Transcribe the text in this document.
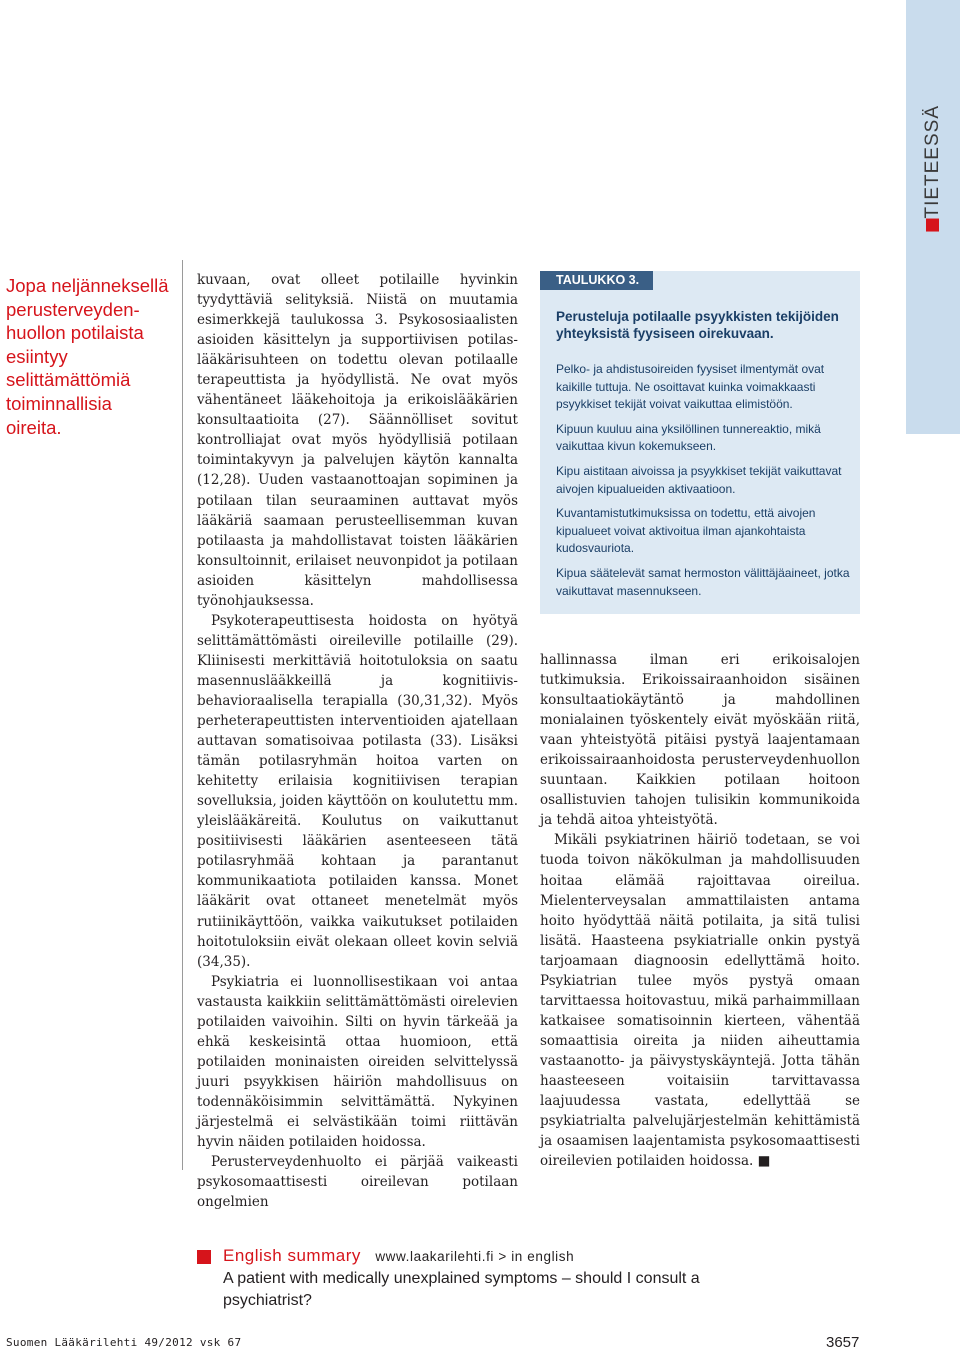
TIETEESSÄ
Jopa neljänneksellä perusterveyden-huollon potilaista esiintyy selittämättömiä toiminnallisia oireita.

kuvaan, ovat olleet potilaille hyvinkin tyydyttäviä selityksiä. Niistä on muutamia esimerkkejä taulukossa 3. Psykososiaalisten asioiden käsittelyn ja supportiivisen potilas-lääkärisuhteen on todettu olevan potilaalle terapeuttista ja hyödyllistä. Ne ovat myös vähentäneet lääkehoitoja ja erikoislääkärien konsultaatioita (27). Säännölliset sovitut kontrolliajat ovat myös hyödyllisiä potilaan toimintakyvyn ja palvelujen käytön kannalta (12,28). Uuden vastaanottoajan sopiminen ja potilaan tilan seuraaminen auttavat myös lääkäriä saamaan perusteellisemman kuvan potilaasta ja mahdollistavat toisten lääkärien konsultoinnit, erilaiset neuvonpidot ja potilaan asioiden käsittelyn mahdollisessa työnohjauksessa.

Psykoterapeuttisesta hoidosta on hyötyä selittämättömästi oireileville potilaille (29). Kliinisesti merkittäviä hoitotuloksia on saatu masennuslääkkeillä ja kognitiivis-behavioraalisella terapialla (30,31,32). Myös perheterapeuttisten interventioiden ajatellaan auttavan somatisoivaa potilasta (33). Lisäksi tämän potilasryhmän hoitoa varten on kehitetty erilaisia kognitiivisen terapian sovelluksia, joiden käyttöön on koulutettu mm. yleislääkäreitä. Koulutus on vaikuttanut positiivisesti lääkärien asenteeseen tätä potilasryhmää kohtaan ja parantanut kommunikaatiota potilaiden kanssa. Monet lääkärit ovat ottaneet menetelmät myös rutiinikäyttöön, vaikka vaikutukset potilaiden hoitotuloksiin eivät olekaan olleet kovin selviä (34,35).

Psykiatria ei luonnollisestikaan voi antaa vastausta kaikkiin selittämättömästi oirelevien potilaiden vaivoihin. Silti on hyvin tärkeää ja ehkä keskeisintä ottaa huomioon, että potilaiden moninaisten oireiden selvittelyssä juuri psyykkisen häiriön mahdollisuus on todennäköisimmin selvittämättä. Nykyinen järjestelmä ei selvästikään toimi riittävän hyvin näiden potilaiden hoidossa.

Perusterveydenhuolto ei pärjää vaikeasti psykosomaattisesti oireilevan potilaan ongelmien

TAULUKKO 3.

Perusteluja potilaalle psyykkisten tekijöiden yhteyksistä fyysiseen oirekuvaan.

Pelko- ja ahdistusoireiden fyysiset ilmentymät ovat kaikille tuttuja. Ne osoittavat kuinka voimakkaasti psyykkiset tekijät voivat vaikuttaa elimistöön.
Kipuun kuuluu aina yksilöllinen tunnereaktio, mikä vaikuttaa kivun kokemukseen.
Kipu aistitaan aivoissa ja psyykkiset tekijät vaikuttavat aivojen kipualueiden aktivaatioon.
Kuvantamistutkimuksissa on todettu, että aivojen kipualueet voivat aktivoitua ilman ajankohtaista kudosvauriota.
Kipua säätelevät samat hermoston välittäjäaineet, jotka vaikuttavat masennukseen.

hallinnassa ilman eri erikoisalojen tutkimuksia. Erikoissairaanhoidon sisäinen konsultaatiokäytäntö ja mahdollinen monialainen työskentely eivät myöskään riitä, vaan yhteistyötä pitäisi pystyä laajentamaan erikoissairaanhoidosta perusterveydenhuollon suuntaan. Kaikkien potilaan hoitoon osallistuvien tahojen tulisikin kommunikoida ja tehdä aitoa yhteistyötä.

Mikäli psykiatrinen häiriö todetaan, se voi tuoda toivon näkökulman ja mahdollisuuden hoitaa elämää rajoittavaa oireilua. Mielenterveysalan ammattilaisten antama hoito hyödyttää näitä potilaita, ja sitä tulisi lisätä. Haasteena psykiatrialle onkin pystyä tarjoamaan diagnoosin edellyttämä hoito. Psykiatrian tulee myös pystyä omaan tarvittaessa hoitovastuu, mikä parhaimmillaan katkaisee somatisoinnin kierteen, vähentää somaattisia oireita ja niiden aiheuttamia vastaanotto- ja päivystyskäyntejä. Jotta tähän haasteeseen voitaisiin tarvittavassa laajuudessa vastata, edellyttää se psykiatrialta palvelujärjestelmän kehittämistä ja osaamisen laajentamista psykosomaattisesti oireilevien potilaiden hoidossa. ■

English summary www.laakarilehti.fi > in english

A patient with medically unexplained symptoms – should I consult a psychiatrist?

Suomen Lääkärilehti 49/2012 vsk 67	3657
